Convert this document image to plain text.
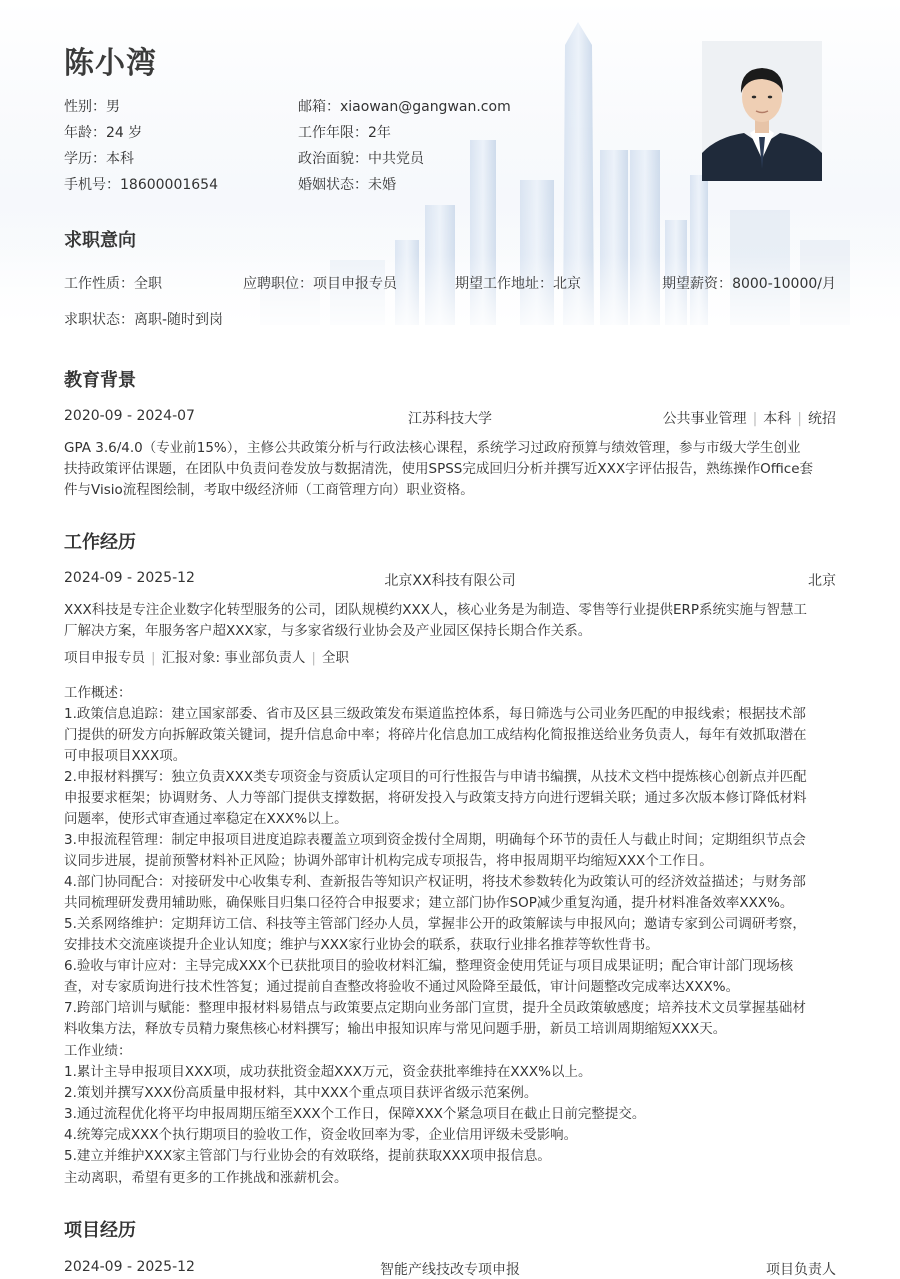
陈小湾
性别：男	邮箱：xiaowan@gangwan.com
年龄：24 岁	工作年限：2年
学历：本科	政治面貌：中共党员
手机号：18600001654	婚姻状态：未婚
求职意向
工作性质：全职	应聘职位：项目申报专员	期望工作地址：北京	期望薪资：8000-10000/月
求职状态：离职-随时到岗
教育背景
2020-09 - 2024-07	江苏科技大学	公共事业管理 | 本科 | 统招
GPA 3.6/4.0（专业前15%），主修公共政策分析与行政法核心课程，系统学习过政府预算与绩效管理，参与市级大学生创业
扶持政策评估课题，在团队中负责问卷发放与数据清洗，使用SPSS完成回归分析并撰写近XXX字评估报告，熟练操作Office套
件与Visio流程图绘制，考取中级经济师（工商管理方向）职业资格。
工作经历
2024-09 - 2025-12	北京XX科技有限公司	北京
XXX科技是专注企业数字化转型服务的公司，团队规模约XXX人，核心业务是为制造、零售等行业提供ERP系统实施与智慧工
厂解决方案，年服务客户超XXX家，与多家省级行业协会及产业园区保持长期合作关系。
项目申报专员 | 汇报对象: 事业部负责人 | 全职
工作概述：
1.政策信息追踪：建立国家部委、省市及区县三级政策发布渠道监控体系，每日筛选与公司业务匹配的申报线索；根据技术部
门提供的研发方向拆解政策关键词，提升信息命中率；将碎片化信息加工成结构化简报推送给业务负责人，每年有效抓取潜在
可申报项目XXX项。
2.申报材料撰写：独立负责XXX类专项资金与资质认定项目的可行性报告与申请书编撰，从技术文档中提炼核心创新点并匹配
申报要求框架；协调财务、人力等部门提供支撑数据，将研发投入与政策支持方向进行逻辑关联；通过多次版本修订降低材料
问题率，使形式审查通过率稳定在XXX%以上。
3.申报流程管理：制定申报项目进度追踪表覆盖立项到资金拨付全周期，明确每个环节的责任人与截止时间；定期组织节点会
议同步进展，提前预警材料补正风险；协调外部审计机构完成专项报告，将申报周期平均缩短XXX个工作日。
4.部门协同配合：对接研发中心收集专利、查新报告等知识产权证明，将技术参数转化为政策认可的经济效益描述；与财务部
共同梳理研发费用辅助账，确保账目归集口径符合申报要求；建立部门协作SOP减少重复沟通，提升材料准备效率XXX%。
5.关系网络维护：定期拜访工信、科技等主管部门经办人员，掌握非公开的政策解读与申报风向；邀请专家到公司调研考察，
安排技术交流座谈提升企业认知度；维护与XXX家行业协会的联系，获取行业排名推荐等软性背书。
6.验收与审计应对：主导完成XXX个已获批项目的验收材料汇编，整理资金使用凭证与项目成果证明；配合审计部门现场核
查，对专家质询进行技术性答复；通过提前自查整改将验收不通过风险降至最低，审计问题整改完成率达XXX%。
7.跨部门培训与赋能：整理申报材料易错点与政策要点定期向业务部门宣贯，提升全员政策敏感度；培养技术文员掌握基础材
料收集方法，释放专员精力聚焦核心材料撰写；输出申报知识库与常见问题手册，新员工培训周期缩短XXX天。
工作业绩：
1.累计主导申报项目XXX项，成功获批资金超XXX万元，资金获批率维持在XXX%以上。
2.策划并撰写XXX份高质量申报材料，其中XXX个重点项目获评省级示范案例。
3.通过流程优化将平均申报周期压缩至XXX个工作日，保障XXX个紧急项目在截止日前完整提交。
4.统筹完成XXX个执行期项目的验收工作，资金收回率为零，企业信用评级未受影响。
5.建立并维护XXX家主管部门与行业协会的有效联络，提前获取XXX项申报信息。
主动离职，希望有更多的工作挑战和涨薪机会。
项目经历
2024-09 - 2025-12	智能产线技改专项申报	项目负责人
